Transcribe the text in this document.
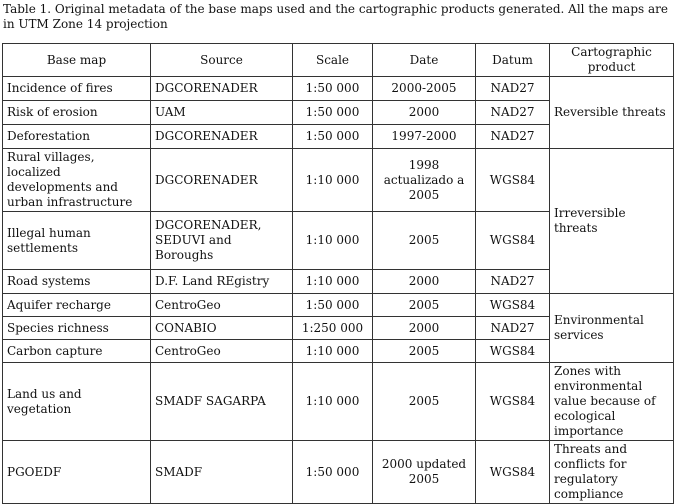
Table 1. Original metadata of the base maps used and the cartographic products generated. All the maps are in UTM Zone 14 projection
Base map	Source	Scale	Date	Datum	Cartographic product
Incidence of fires	DGCORENADER	1:50 000	2000-2005	NAD27	Reversible threats
Risk of erosion	UAM	1:50 000	2000	NAD27	
Deforestation	DGCORENADER	1:50 000	1997-2000	NAD27	
Rural villages, localized developments and urban infrastructure	DGCORENADER	1:10 000	1998 actualizado a 2005	WGS84	Irreversible threats
Illegal human settlements	DGCORENADER, SEDUVI and Boroughs	1:10 000	2005	WGS84	
Road systems	D.F. Land REgistry	1:10 000	2000	NAD27	
Aquifer recharge	CentroGeo	1:50 000	2005	WGS84	Environmental services
Species richness	CONABIO	1:250 000	2000	NAD27	
Carbon capture	CentroGeo	1:10 000	2005	WGS84	
Land us and vegetation	SMADF SAGARPA	1:10 000	2005	WGS84	Zones with environmental value because of ecological importance
PGOEDF	SMADF	1:50 000	2000 updated 2005	WGS84	Threats and conflicts for regulatory compliance
